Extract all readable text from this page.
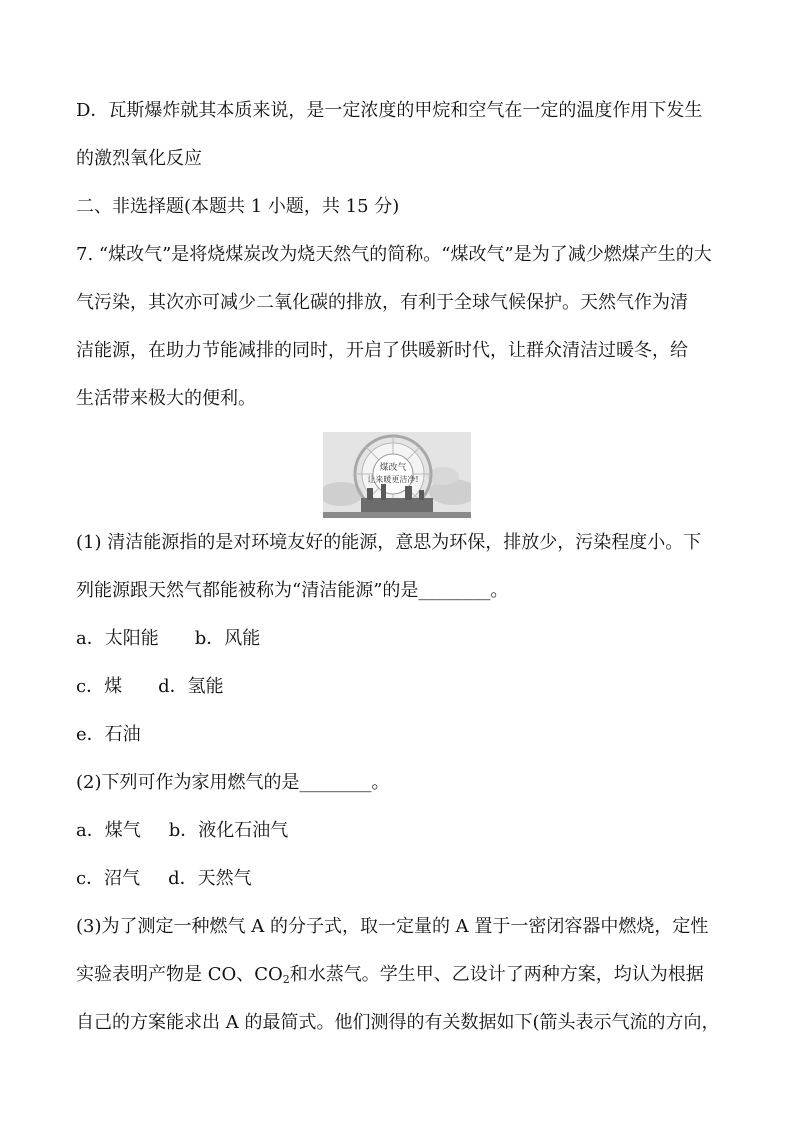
D．瓦斯爆炸就其本质来说，是一定浓度的甲烷和空气在一定的温度作用下发生
的激烈氧化反应
二、非选择题(本题共 1 小题，共 15 分)
7. “煤改气”是将烧煤炭改为烧天然气的简称。“煤改气”是为了减少燃煤产生的大
气污染，其次亦可减少二氧化碳的排放，有利于全球气候保护。天然气作为清
洁能源，在助力节能减排的同时，开启了供暖新时代，让群众清洁过暖冬，给
生活带来极大的便利。
煤改气
让来暖更洁净!
(1) 清洁能源指的是对环境友好的能源，意思为环保，排放少，污染程度小。下
列能源跟天然气都能被称为“清洁能源”的是________。
a．太阳能 b．风能
c．煤 d．氢能
e．石油
(2)下列可作为家用燃气的是________。
a．煤气 b．液化石油气
c．沼气 d．天然气
(3)为了测定一种燃气 A 的分子式，取一定量的 A 置于一密闭容器中燃烧，定性
实验表明产物是 CO、$CO_2$和水蒸气。学生甲、乙设计了两种方案，均认为根据
自己的方案能求出 A 的最简式。他们测得的有关数据如下(箭头表示气流的方向，
